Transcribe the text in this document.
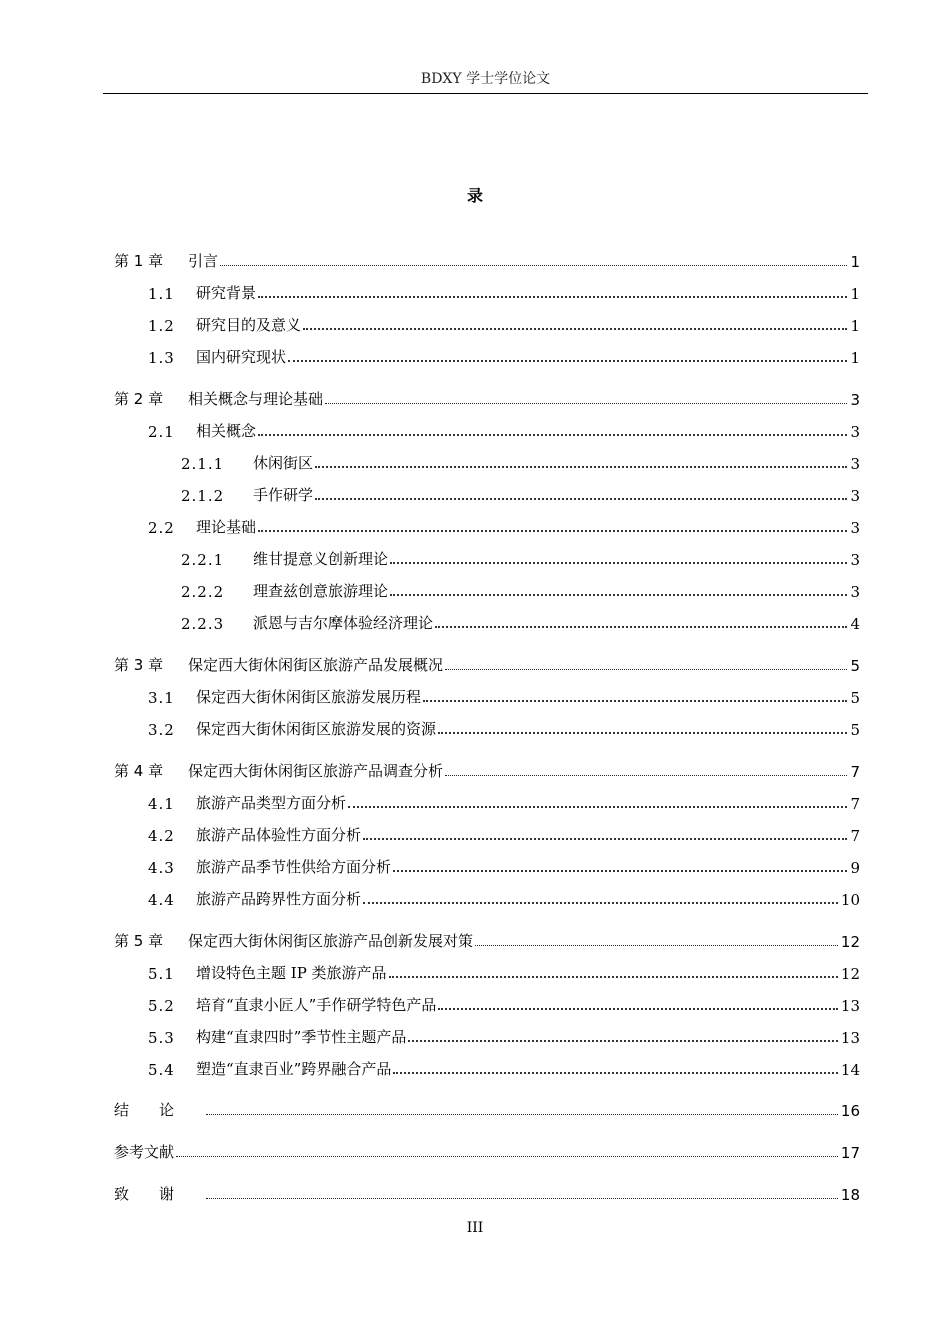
BDXY 学士学位论文
录
第 1 章	引言	1
1.1	研究背景	1
1.2	研究目的及意义	1
1.3	国内研究现状	1
第 2 章	相关概念与理论基础	3
2.1	相关概念	3
2.1.1	休闲街区	3
2.1.2	手作研学	3
2.2	理论基础	3
2.2.1	维甘提意义创新理论	3
2.2.2	理查兹创意旅游理论	3
2.2.3	派恩与吉尔摩体验经济理论	4
第 3 章	保定西大街休闲街区旅游产品发展概况	5
3.1	保定西大街休闲街区旅游发展历程	5
3.2	保定西大街休闲街区旅游发展的资源	5
第 4 章	保定西大街休闲街区旅游产品调查分析	7
4.1	旅游产品类型方面分析	7
4.2	旅游产品体验性方面分析	7
4.3	旅游产品季节性供给方面分析	9
4.4	旅游产品跨界性方面分析	10
第 5 章	保定西大街休闲街区旅游产品创新发展对策	12
5.1	增设特色主题 IP 类旅游产品	12
5.2	培育“直隶小匠人”手作研学特色产品	13
5.3	构建“直隶四时”季节性主题产品	13
5.4	塑造“直隶百业”跨界融合产品	14
结论	16
参考文献	17
致谢	18
III
